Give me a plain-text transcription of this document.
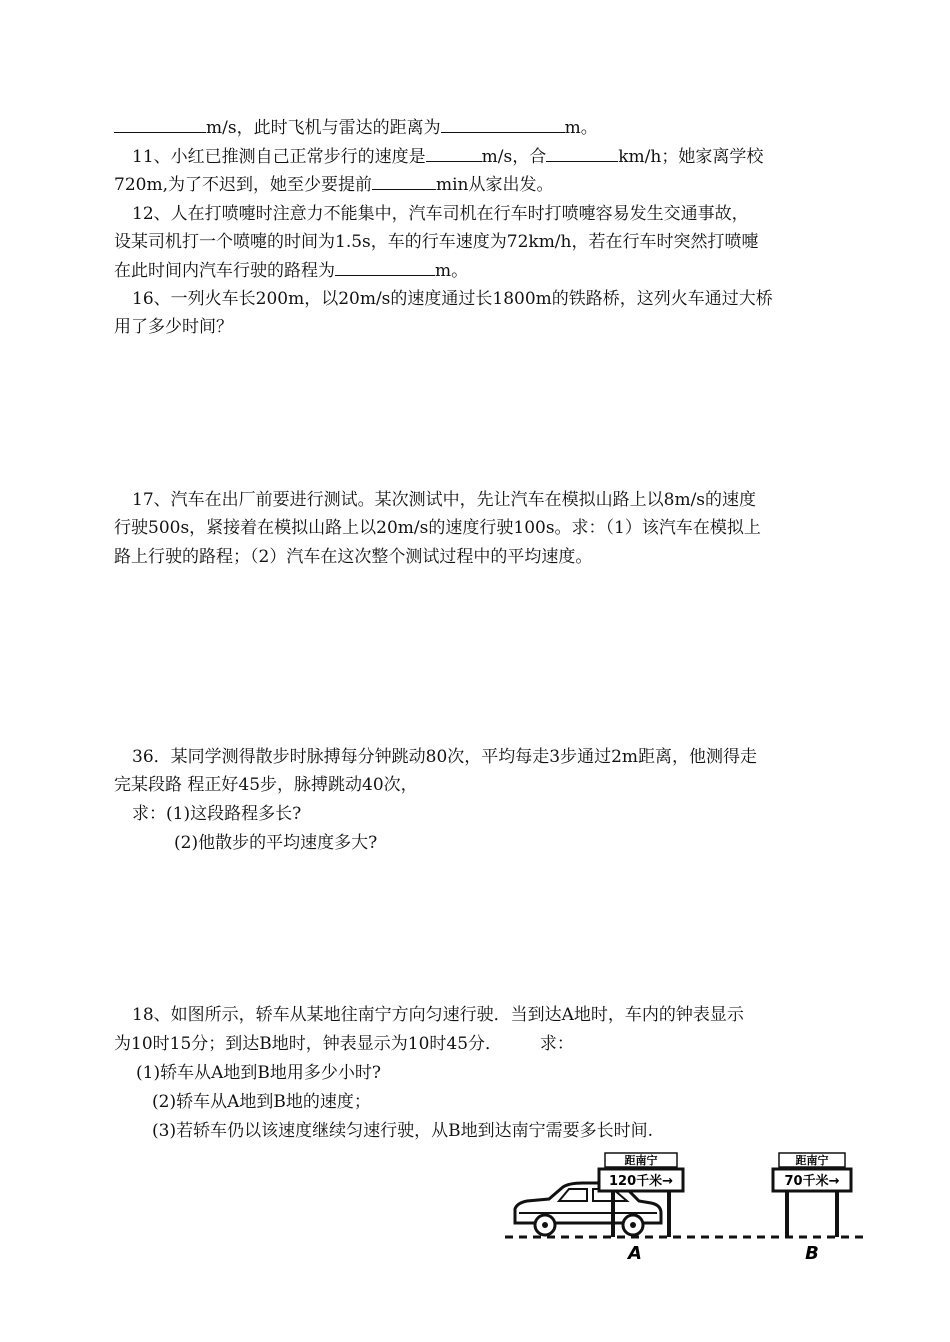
m/s，此时飞机与雷达的距离为	m。
11、小红已推测自己正常步行的速度是	m/s，合	km/h；她家离学校
720m,为了不迟到，她至少要提前	min从家出发。
12、人在打喷嚏时注意力不能集中，汽车司机在行车时打喷嚏容易发生交通事故，
设某司机打一个喷嚏的时间为1.5s，车的行车速度为72km/h，若在行车时突然打喷嚏
在此时间内汽车行驶的路程为	m。
16、一列火车长200m，以20m/s的速度通过长1800m的铁路桥，这列火车通过大桥
用了多少时间？
17、汽车在出厂前要进行测试。某次测试中，先让汽车在模拟山路上以8m/s的速度
行驶500s，紧接着在模拟山路上以20m/s的速度行驶100s。求：（1）该汽车在模拟上
路上行驶的路程；（2）汽车在这次整个测试过程中的平均速度。
36．某同学测得散步时脉搏每分钟跳动80次，平均每走3步通过2m距离，他测得走
完某段路 程正好45步，脉搏跳动40次，
求：(1)这段路程多长?
(2)他散步的平均速度多大?
18、如图所示，轿车从某地往南宁方向匀速行驶．当到达A地时，车内的钟表显示
为10时15分；到达B地时，钟表显示为10时45分．       求：
(1)轿车从A地到B地用多少小时?
(2)轿车从A地到B地的速度；
(3)若轿车仍以该速度继续匀速行驶，从B地到达南宁需要多长时间.
距南宁
120千米→
A
距南宁
70千米→
B
